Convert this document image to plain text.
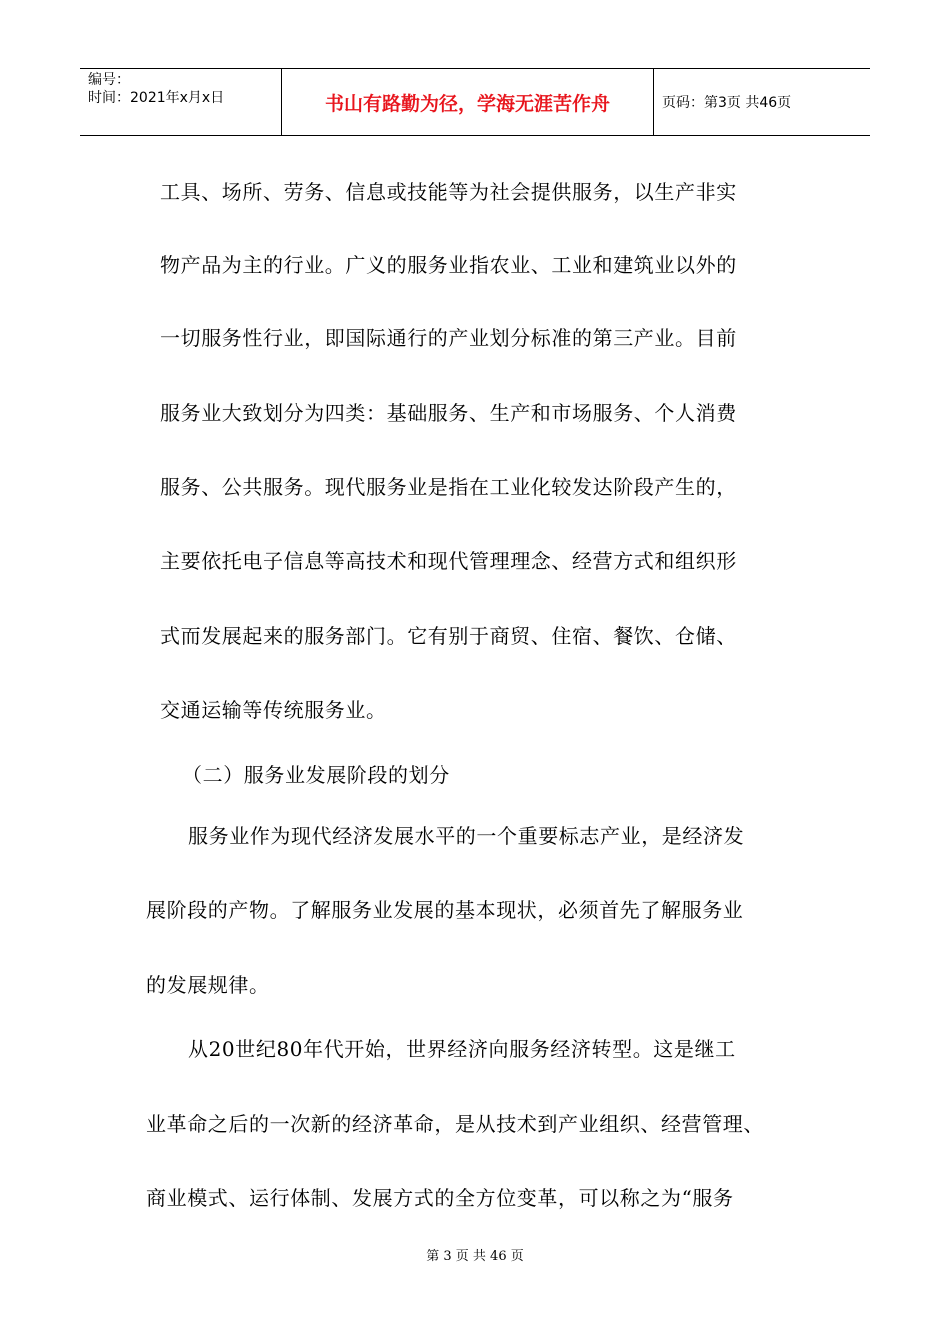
编号：
时间：2021年x月x日	书山有路勤为径，学海无涯苦作舟	页码：第3页 共46页
工具、场所、劳务、信息或技能等为社会提供服务，以生产非实
物产品为主的行业。广义的服务业指农业、工业和建筑业以外的
一切服务性行业，即国际通行的产业划分标准的第三产业。目前
服务业大致划分为四类：基础服务、生产和市场服务、个人消费
服务、公共服务。现代服务业是指在工业化较发达阶段产生的，
主要依托电子信息等高技术和现代管理理念、经营方式和组织形
式而发展起来的服务部门。它有别于商贸、住宿、餐饮、仓储、
交通运输等传统服务业。
（二）服务业发展阶段的划分
服务业作为现代经济发展水平的一个重要标志产业，是经济发
展阶段的产物。了解服务业发展的基本现状，必须首先了解服务业
的发展规律。
从20世纪80年代开始，世界经济向服务经济转型。这是继工
业革命之后的一次新的经济革命，是从技术到产业组织、经营管理、
商业模式、运行体制、发展方式的全方位变革，可以称之为“服务
第 3 页 共 46 页
